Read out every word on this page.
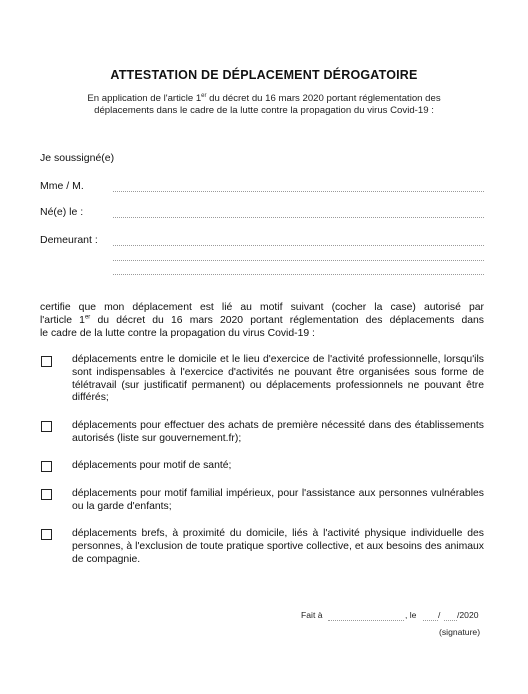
ATTESTATION DE DÉPLACEMENT DÉROGATOIRE
En application de l'article 1er du décret du 16 mars 2020 portant réglementation des
déplacements dans le cadre de la lutte contre la propagation du virus Covid-19 :
Je soussigné(e)
Mme / M.
Né(e) le :
Demeurant :
certifie que mon déplacement est lié au motif suivant (cocher la case) autorisé par
l'article 1er du décret du 16 mars 2020 portant réglementation des déplacements dans
le cadre de la lutte contre la propagation du virus Covid-19 :
déplacements entre le domicile et le lieu d'exercice de l'activité professionnelle, lorsqu'ils sont indispensables à l'exercice d'activités ne pouvant être organisées sous forme de télétravail (sur justificatif permanent) ou déplacements professionnels ne pouvant être différés;
déplacements pour effectuer des achats de première nécessité dans des établissements autorisés (liste sur gouvernement.fr);
déplacements pour motif de santé;
déplacements pour motif familial impérieux, pour l'assistance aux personnes vulnérables ou la garde d'enfants;
déplacements brefs, à proximité du domicile, liés à l'activité physique individuelle des personnes, à l'exclusion de toute pratique sportive collective, et aux besoins des animaux de compagnie.
Fait à	, le	/ /2020
(signature)
